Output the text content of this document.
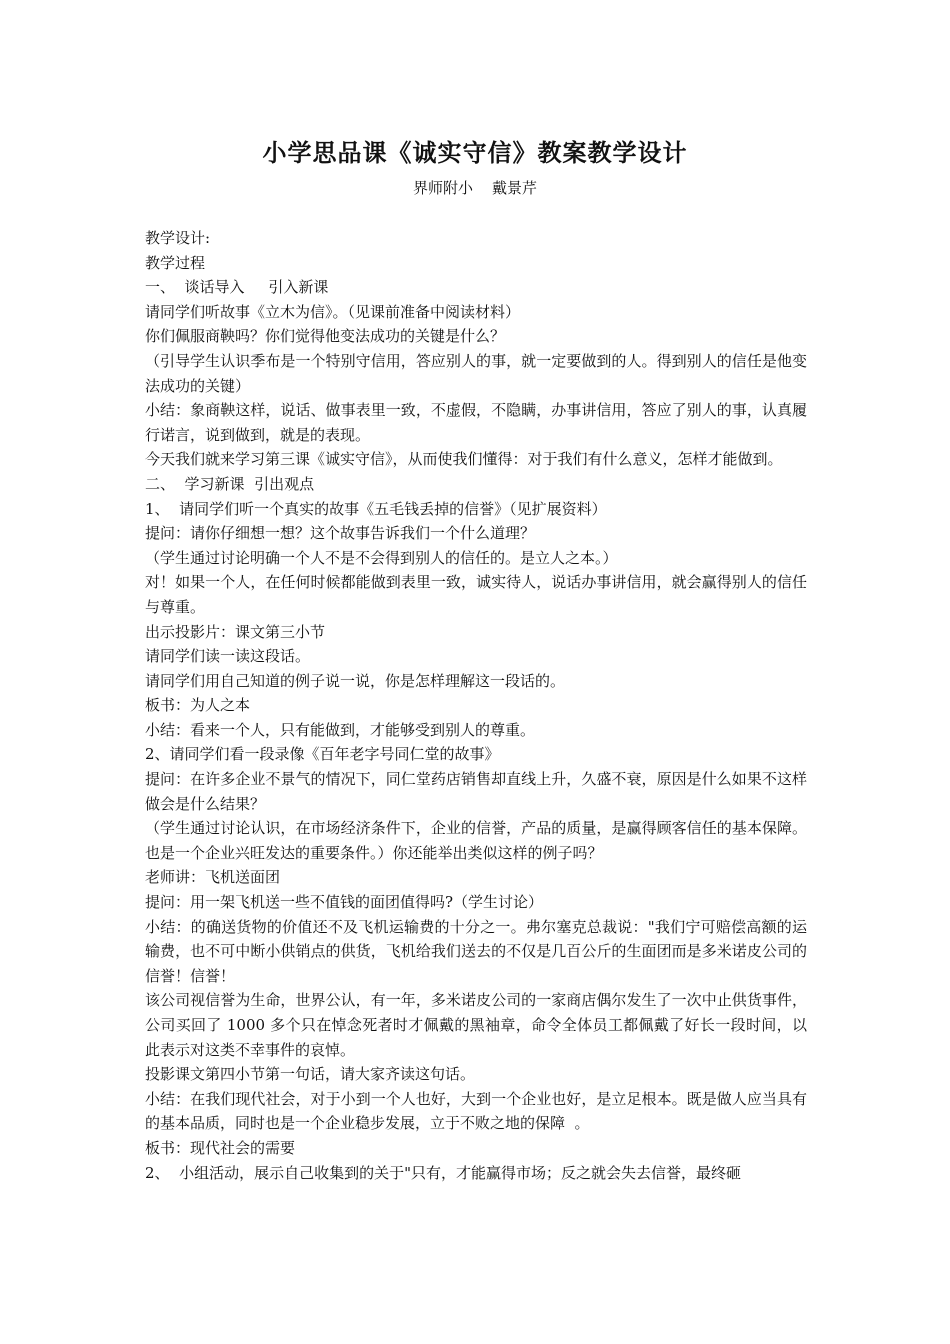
小学思品课《诚实守信》教案教学设计
界师附小    戴景芹

教学设计:

教学过程

一、  谈话导入     引入新课

请同学们听故事《立木为信》。（见课前准备中阅读材料）

你们佩服商鞅吗？你们觉得他变法成功的关键是什么？

（引导学生认识季布是一个特别守信用，答应别人的事，就一定要做到的人。得到别人的信任是他变法成功的关键）

小结：象商鞅这样，说话、做事表里一致，不虚假，不隐瞒，办事讲信用，答应了别人的事，认真履行诺言，说到做到，就是的表现。

今天我们就来学习第三课《诚实守信》，从而使我们懂得：对于我们有什么意义，怎样才能做到。

二、  学习新课  引出观点

1、  请同学们听一个真实的故事《五毛钱丢掉的信誉》（见扩展资料）

提问：请你仔细想一想？这个故事告诉我们一个什么道理？

（学生通过讨论明确一个人不是不会得到别人的信任的。是立人之本。）

对！如果一个人，在任何时候都能做到表里一致，诚实待人，说话办事讲信用，就会赢得别人的信任与尊重。

出示投影片：课文第三小节

请同学们读一读这段话。

请同学们用自己知道的例子说一说，你是怎样理解这一段话的。

板书：为人之本

小结：看来一个人，只有能做到，才能够受到别人的尊重。

2、请同学们看一段录像《百年老字号同仁堂的故事》

提问：在许多企业不景气的情况下，同仁堂药店销售却直线上升，久盛不衰，原因是什么如果不这样做会是什么结果？

（学生通过讨论认识，在市场经济条件下，企业的信誉，产品的质量，是赢得顾客信任的基本保障。也是一个企业兴旺发达的重要条件。）你还能举出类似这样的例子吗？

老师讲：飞机送面团

提问：用一架飞机送一些不值钱的面团值得吗?（学生讨论）

小结：的确送货物的价值还不及飞机运输费的十分之一。弗尔塞克总裁说："我们宁可赔偿高额的运输费，也不可中断小供销点的供货，飞机给我们送去的不仅是几百公斤的生面团而是多米诺皮公司的信誉！信誉！

该公司视信誉为生命，世界公认，有一年，多米诺皮公司的一家商店偶尔发生了一次中止供货事件，公司买回了 1000 多个只在悼念死者时才佩戴的黑袖章，命令全体员工都佩戴了好长一段时间，以此表示对这类不幸事件的哀悼。

投影课文第四小节第一句话，请大家齐读这句话。

小结：在我们现代社会，对于小到一个人也好，大到一个企业也好，是立足根本。既是做人应当具有的基本品质，同时也是一个企业稳步发展，立于不败之地的保障  。

板书：现代社会的需要

2、  小组活动，展示自己收集到的关于"只有，才能赢得市场；反之就会失去信誉，最终砸
